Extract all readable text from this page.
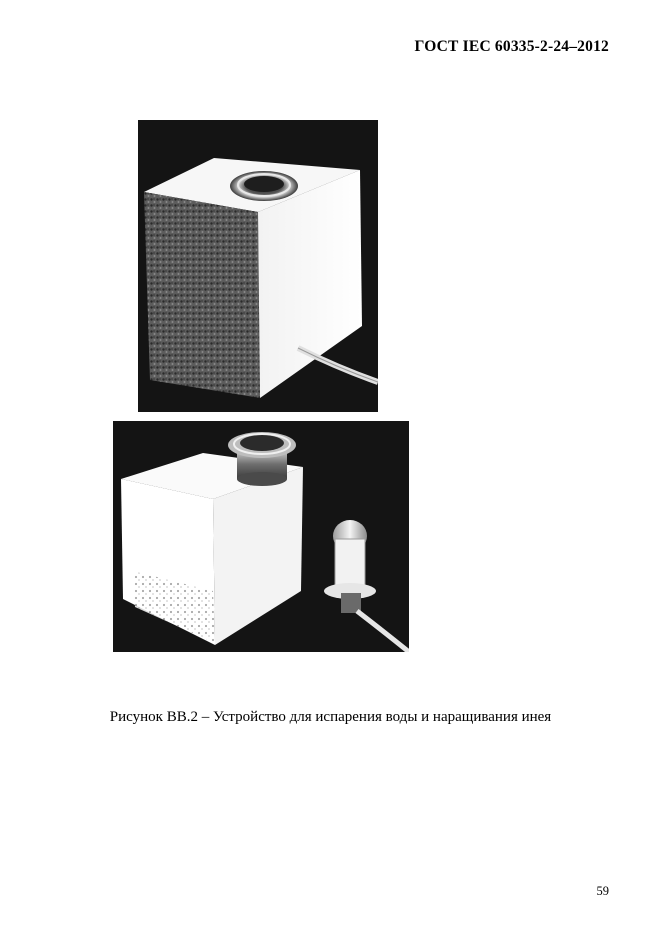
ГОСТ IEC 60335-2-24–2012
Рисунок ВВ.2 – Устройство для испарения воды и наращивания инея
59
